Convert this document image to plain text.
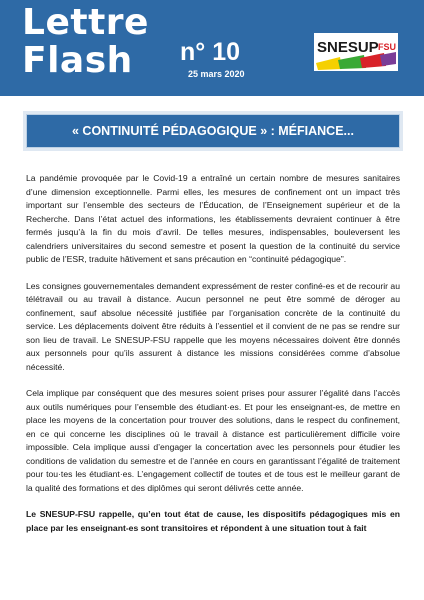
Lettre
Flash	n° 10
25 mars 2020
SNESUP FSU
« CONTINUITÉ PÉDAGOGIQUE » : MÉFIANCE...

La pandémie provoquée par le Covid-19 a entraîné un certain nombre de mesures sanitaires d’une dimension exceptionnelle. Parmi elles, les mesures de confinement ont un impact très important sur l’ensemble des secteurs de l’Éducation, de l’Enseignement supérieur et de la Recherche. Dans l’état actuel des informations, les établissements devraient continuer à être fermés jusqu’à la fin du mois d’avril. De telles mesures, indispensables, bouleversent les calendriers universitaires du second semestre et posent la question de la continuité du service public de l’ESR, traduite hâtivement et sans précaution en “continuité pédagogique”.

Les consignes gouvernementales demandent expressément de rester confiné-es et de recourir au télétravail ou au travail à distance. Aucun personnel ne peut être sommé de déroger au confinement, sauf absolue nécessité justifiée par l’organisation concrète de la continuité du service. Les déplacements doivent être réduits à l’essentiel et il convient de ne pas se rendre sur son lieu de travail. Le SNESUP-FSU rappelle que les moyens nécessaires doivent être donnés aux personnels pour qu’ils assurent à distance les missions considérées comme d’absolue nécessité.

Cela implique par conséquent que des mesures soient prises pour assurer l’égalité dans l’accès aux outils numériques pour l’ensemble des étudiant·es. Et pour les enseignant-es, de mettre en place les moyens de la concertation pour trouver des solutions, dans le respect du confinement, en ce qui concerne les disciplines où le travail à distance est particulièrement difficile voire impossible. Cela implique aussi d’engager la concertation avec les personnels pour étudier les conditions de validation du semestre et de l’année en cours en garantissant l’égalité de traitement pour tou·tes les étudiant·es. L’engagement collectif de toutes et de tous est le meilleur garant de la qualité des formations et des diplômes qui seront délivrés cette année.

Le SNESUP-FSU rappelle, qu’en tout état de cause, les dispositifs pédagogiques mis en place par les enseignant-es sont transitoires et répondent à une situation tout à fait
